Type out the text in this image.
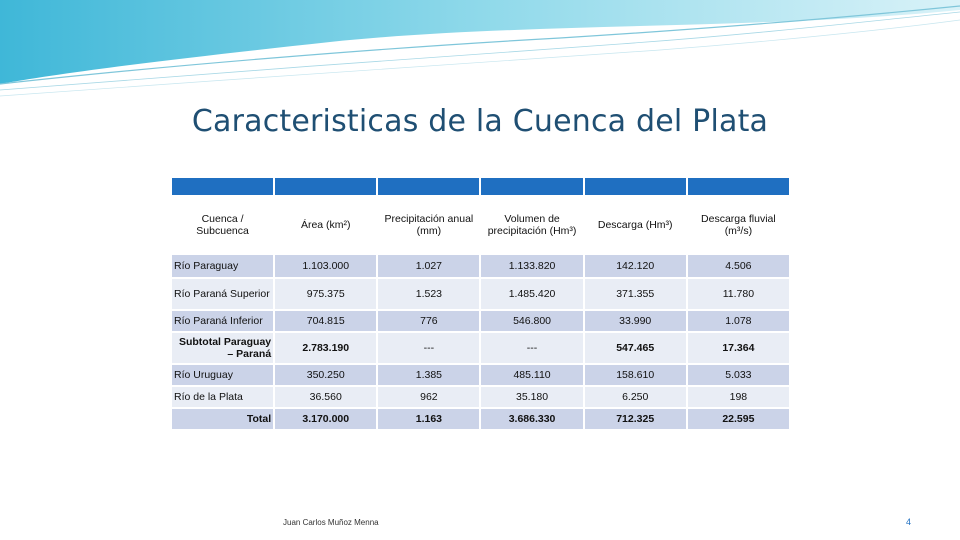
Caracteristicas de la Cuenca del Plata

Cuenca / Subcuenca	Área (km²)	Precipitación anual (mm)	Volumen de precipitación (Hm³)	Descarga (Hm³)	Descarga fluvial (m³/s)
Río Paraguay	1.103.000	1.027	1.133.820	142.120	4.506
Río Paraná Superior	975.375	1.523	1.485.420	371.355	11.780
Río Paraná Inferior	704.815	776	546.800	33.990	1.078
Subtotal Paraguay – Paraná	2.783.190	---	---	547.465	17.364
Río Uruguay	350.250	1.385	485.110	158.610	5.033
Río de la Plata	36.560	962	35.180	6.250	198
Total	3.170.000	1.163	3.686.330	712.325	22.595
Juan Carlos Muñoz Menna	4
